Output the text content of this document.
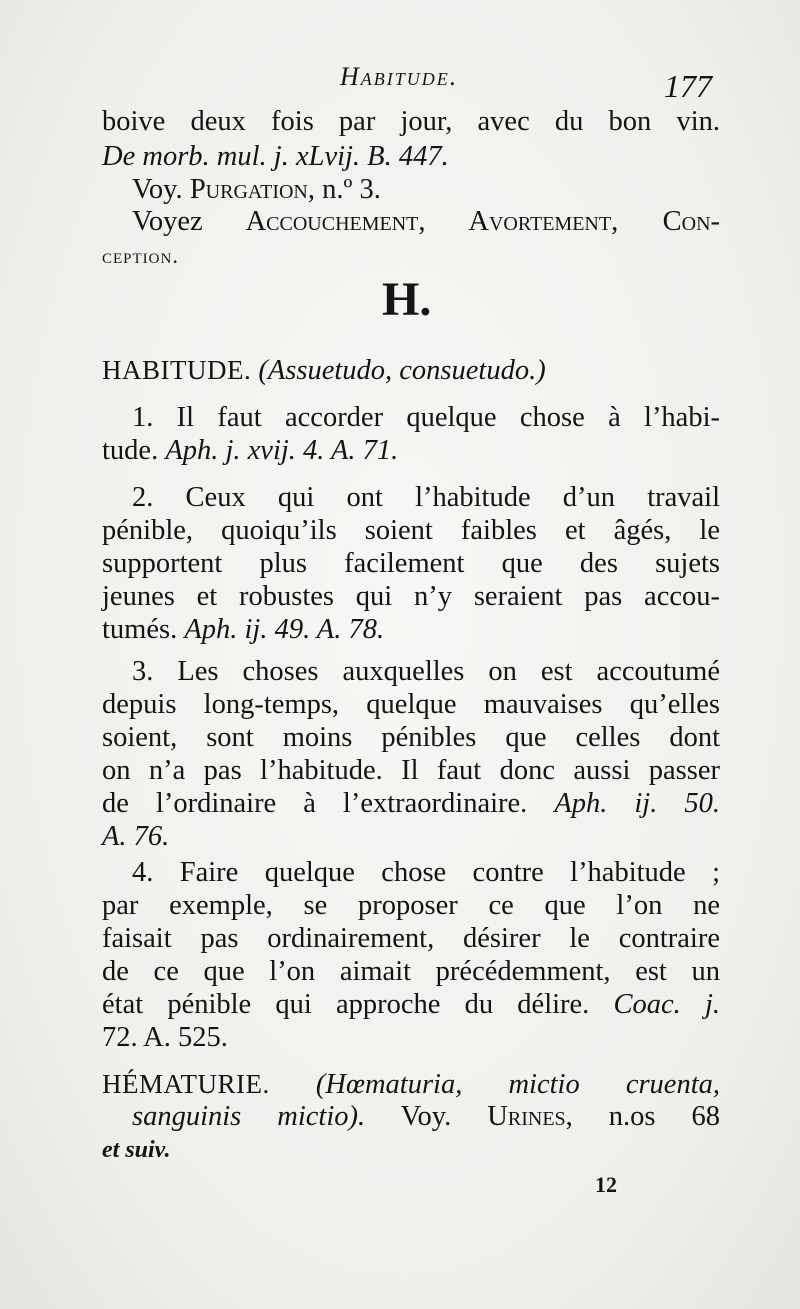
Habitude.	177
boive deux fois par jour, avec du bon vin.
De morb. mul. j. xLvij. B. 447.
Voy. Purgation, n.º 3.
Voyez Accouchement, Avortement, Con-
ception.
H.
HABITUDE. (Assuetudo, consuetudo.)
1. Il faut accorder quelque chose à l’habi-
tude. Aph. j. xvij. 4. A. 71.
2. Ceux qui ont l’habitude d’un travail
pénible, quoiqu’ils soient faibles et âgés, le
supportent plus facilement que des sujets
jeunes et robustes qui n’y seraient pas accou-
tumés. Aph. ij. 49. A. 78.
3. Les choses auxquelles on est accoutumé
depuis long-temps, quelque mauvaises qu’elles
soient, sont moins pénibles que celles dont
on n’a pas l’habitude. Il faut donc aussi passer
de l’ordinaire à l’extraordinaire. Aph. ij. 50.
A. 76.
4. Faire quelque chose contre l’habitude ;
par exemple, se proposer ce que l’on ne
faisait pas ordinairement, désirer le contraire
de ce que l’on aimait précédemment, est un
état pénible qui approche du délire. Coac. j.
72. A. 525.
HÉMATURIE. (Hœmaturia, mictio cruenta,
sanguinis mictio). Voy. Urines, n.os 68
et suiv.
12
